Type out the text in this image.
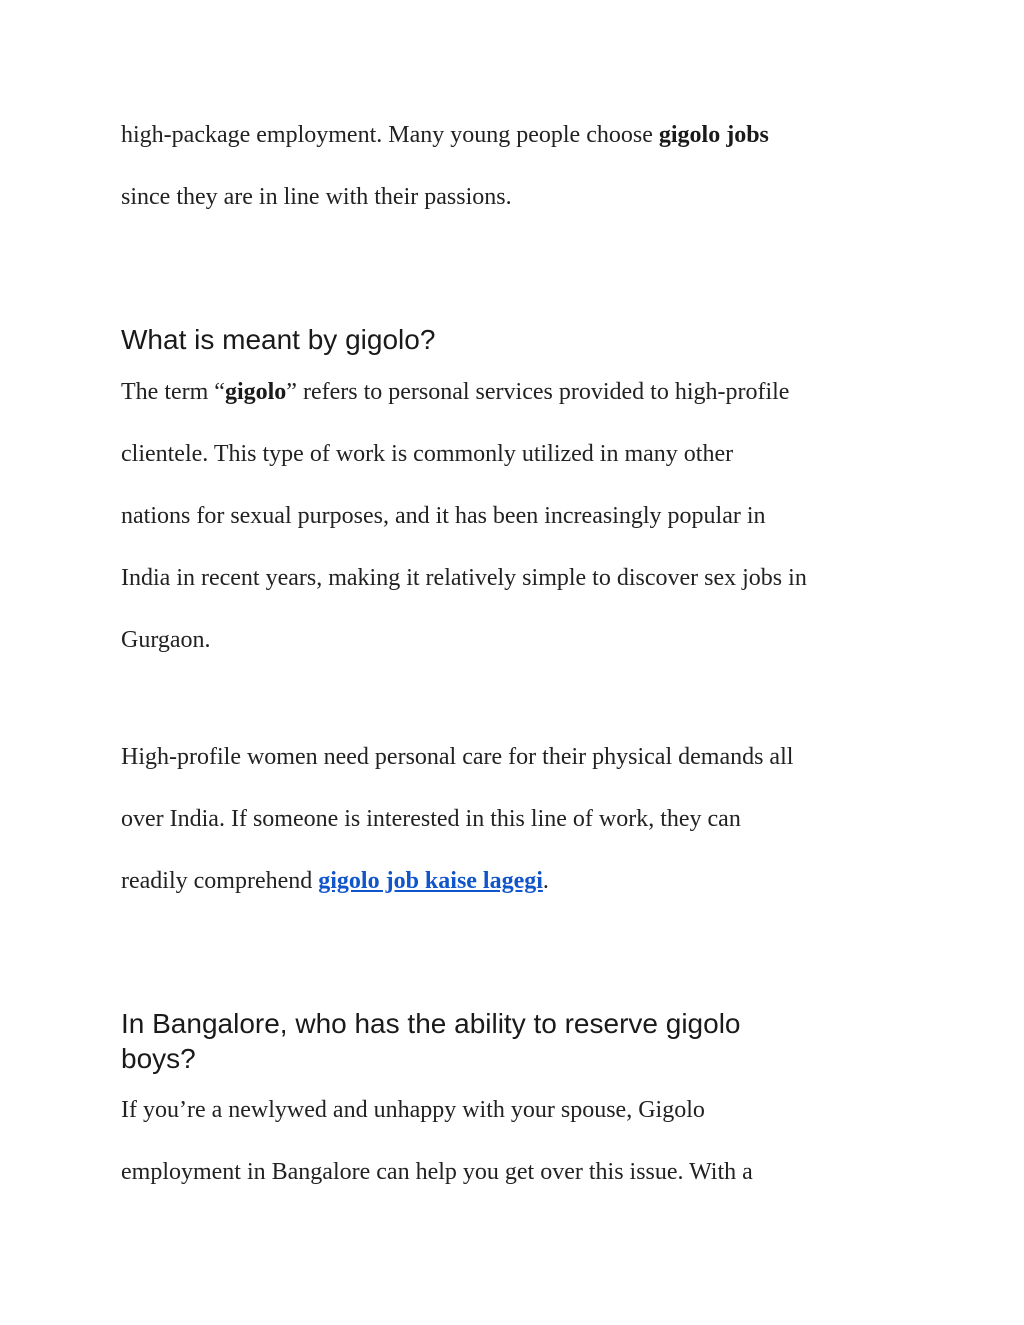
high-package employment. Many young people choose gigolo jobs
since they are in line with their passions.

What is meant by gigolo?

The term “gigolo” refers to personal services provided to high-profile
clientele. This type of work is commonly utilized in many other
nations for sexual purposes, and it has been increasingly popular in
India in recent years, making it relatively simple to discover sex jobs in
Gurgaon.

High-profile women need personal care for their physical demands all
over India. If someone is interested in this line of work, they can
readily comprehend gigolo job kaise lagegi.

In Bangalore, who has the ability to reserve gigolo
boys?

If you’re a newlywed and unhappy with your spouse, Gigolo
employment in Bangalore can help you get over this issue. With a
